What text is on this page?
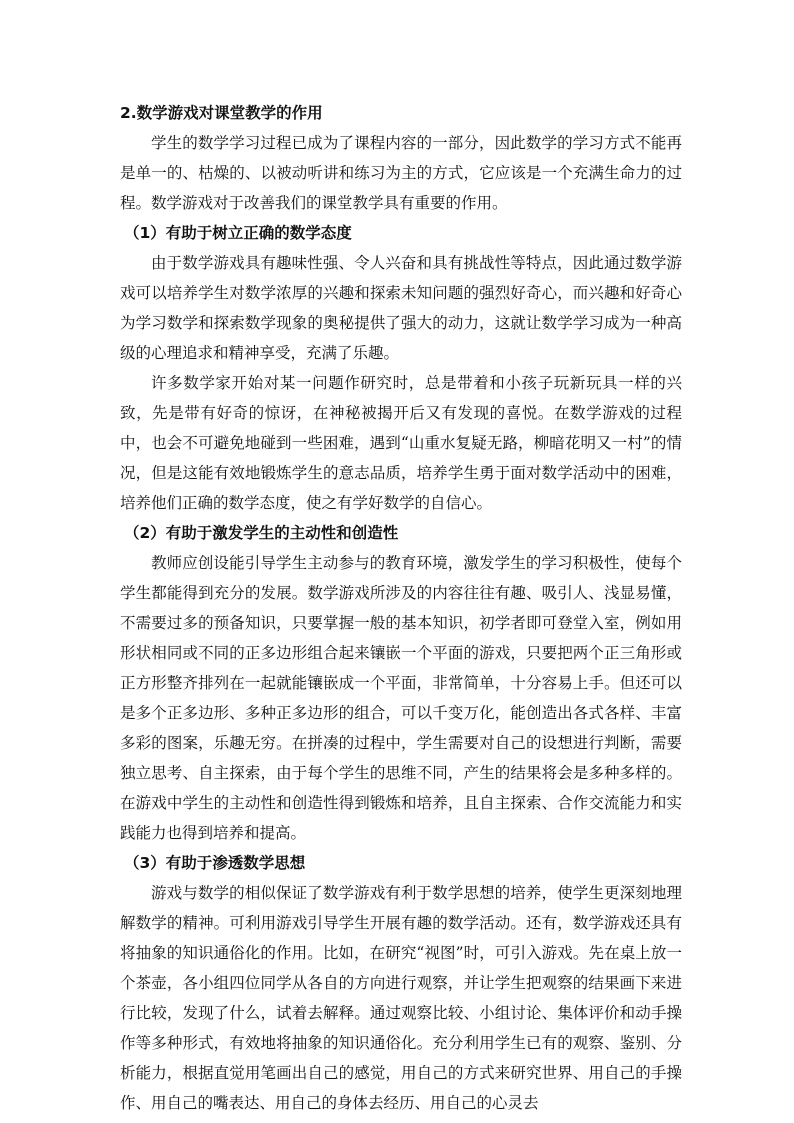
2.数学游戏对课堂教学的作用

学生的数学学习过程已成为了课程内容的一部分，因此数学的学习方式不能再是单一的、枯燥的、以被动听讲和练习为主的方式，它应该是一个充满生命力的过程。数学游戏对于改善我们的课堂教学具有重要的作用。

（1）有助于树立正确的数学态度

由于数学游戏具有趣味性强、令人兴奋和具有挑战性等特点，因此通过数学游戏可以培养学生对数学浓厚的兴趣和探索未知问题的强烈好奇心，而兴趣和好奇心为学习数学和探索数学现象的奥秘提供了强大的动力，这就让数学学习成为一种高级的心理追求和精神享受，充满了乐趣。

许多数学家开始对某一问题作研究时，总是带着和小孩子玩新玩具一样的兴致，先是带有好奇的惊讶，在神秘被揭开后又有发现的喜悦。在数学游戏的过程中，也会不可避免地碰到一些困难，遇到“山重水复疑无路，柳暗花明又一村”的情况，但是这能有效地锻炼学生的意志品质，培养学生勇于面对数学活动中的困难，培养他们正确的数学态度，使之有学好数学的自信心。

（2）有助于激发学生的主动性和创造性

教师应创设能引导学生主动参与的教育环境，激发学生的学习积极性，使每个学生都能得到充分的发展。数学游戏所涉及的内容往往有趣、吸引人、浅显易懂，不需要过多的预备知识，只要掌握一般的基本知识，初学者即可登堂入室，例如用形状相同或不同的正多边形组合起来镶嵌一个平面的游戏，只要把两个正三角形或正方形整齐排列在一起就能镶嵌成一个平面，非常简单，十分容易上手。但还可以是多个正多边形、多种正多边形的组合，可以千变万化，能创造出各式各样、丰富多彩的图案，乐趣无穷。在拼凑的过程中，学生需要对自己的设想进行判断，需要独立思考、自主探索，由于每个学生的思维不同，产生的结果将会是多种多样的。在游戏中学生的主动性和创造性得到锻炼和培养，且自主探索、合作交流能力和实践能力也得到培养和提高。

（3）有助于渗透数学思想

游戏与数学的相似保证了数学游戏有利于数学思想的培养，使学生更深刻地理解数学的精神。可利用游戏引导学生开展有趣的数学活动。还有，数学游戏还具有将抽象的知识通俗化的作用。比如，在研究“视图”时，可引入游戏。先在桌上放一个茶壶，各小组四位同学从各自的方向进行观察，并让学生把观察的结果画下来进行比较，发现了什么，试着去解释。通过观察比较、小组讨论、集体评价和动手操作等多种形式，有效地将抽象的知识通俗化。充分利用学生已有的观察、鉴别、分析能力，根据直觉用笔画出自己的感觉，用自己的方式来研究世界、用自己的手操作、用自己的嘴表达、用自己的身体去经历、用自己的心灵去
